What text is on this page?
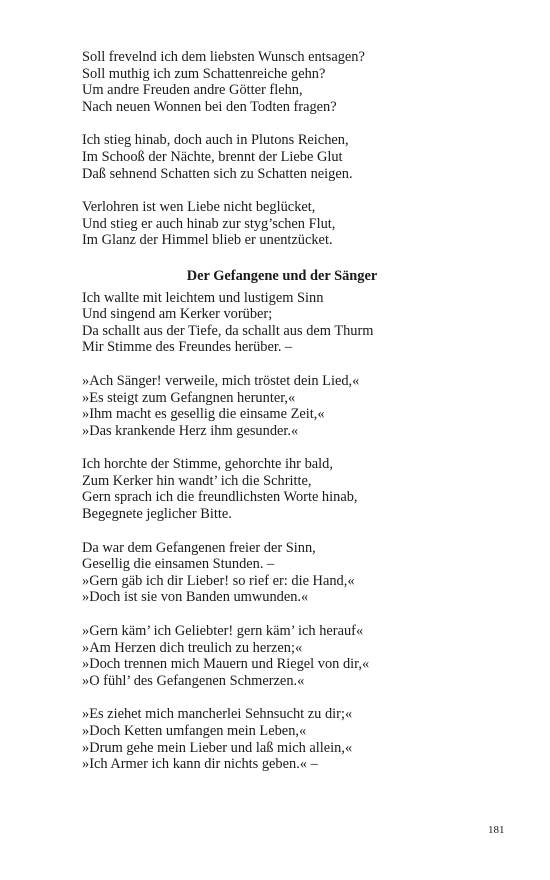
Soll frevelnd ich dem liebsten Wunsch entsagen?
Soll muthig ich zum Schattenreiche gehn?
Um andre Freuden andre Götter flehn,
Nach neuen Wonnen bei den Todten fragen?
Ich stieg hinab, doch auch in Plutons Reichen,
Im Schooß der Nächte, brennt der Liebe Glut
Daß sehnend Schatten sich zu Schatten neigen.
Verlohren ist wen Liebe nicht beglücket,
Und stieg er auch hinab zur styg’schen Flut,
Im Glanz der Himmel blieb er unentzücket.
Der Gefangene und der Sänger
Ich wallte mit leichtem und lustigem Sinn
Und singend am Kerker vorüber;
Da schallt aus der Tiefe, da schallt aus dem Thurm
Mir Stimme des Freundes herüber. –
»Ach Sänger! verweile, mich tröstet dein Lied,«
»Es steigt zum Gefangnen herunter,«
»Ihm macht es gesellig die einsame Zeit,«
»Das krankende Herz ihm gesunder.«
Ich horchte der Stimme, gehorchte ihr bald,
Zum Kerker hin wandt’ ich die Schritte,
Gern sprach ich die freundlichsten Worte hinab,
Begegnete jeglicher Bitte.
Da war dem Gefangenen freier der Sinn,
Gesellig die einsamen Stunden. –
»Gern gäb ich dir Lieber! so rief er: die Hand,«
»Doch ist sie von Banden umwunden.«
»Gern käm’ ich Geliebter! gern käm’ ich herauf«
»Am Herzen dich treulich zu herzen;«
»Doch trennen mich Mauern und Riegel von dir,«
»O fühl’ des Gefangenen Schmerzen.«
»Es ziehet mich mancherlei Sehnsucht zu dir;«
»Doch Ketten umfangen mein Leben,«
»Drum gehe mein Lieber und laß mich allein,«
»Ich Armer ich kann dir nichts geben.« –
181
